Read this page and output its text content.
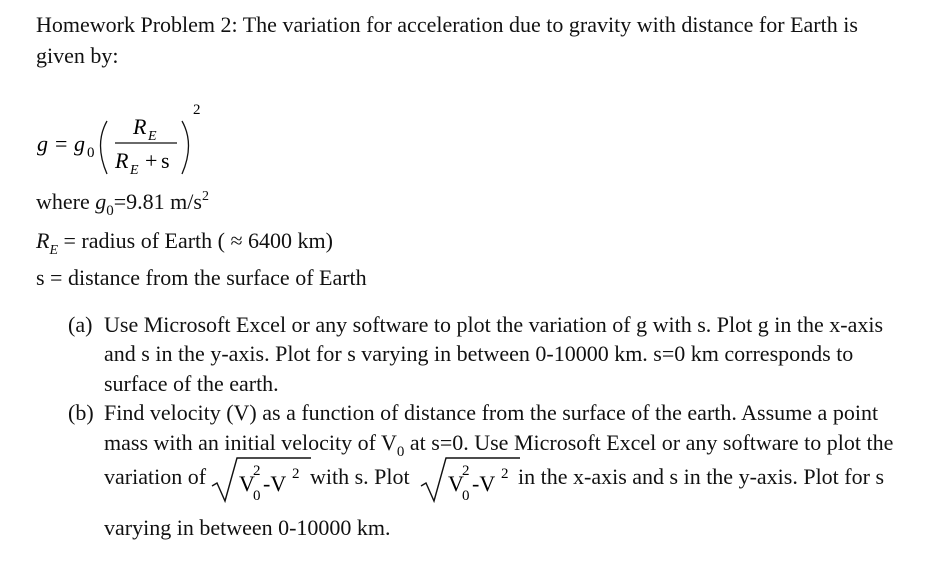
Homework Problem 2: The variation for acceleration due to gravity with distance for Earth is
given by:
g = g 0
R E
R E + s
2
where $g_0=9.81$ $m/s^2$
$R_E$ = radius of Earth ( ≈ 6400 km)
s = distance from the surface of Earth
(a) Use Microsoft Excel or any software to plot the variation of g with s. Plot g in the x-axis
and s in the y-axis. Plot for s varying in between 0-10000 km. s=0 km corresponds to
surface of the earth.
(b) Find velocity (V) as a function of distance from the surface of the earth. Assume a point
mass with an initial velocity of $V_0$ at s=0. Use Microsoft Excel or any software to plot the
variation of V
2
0 -V 2 with s. Plot V
2
0 -V 2 in the x-axis and s in the y-axis. Plot for s
varying in between 0-10000 km.
